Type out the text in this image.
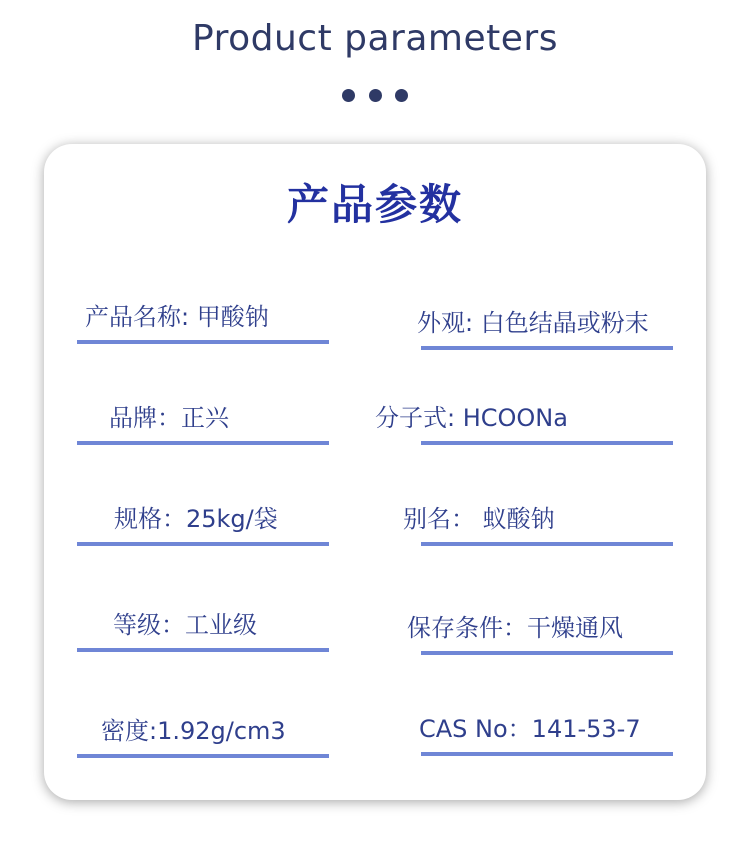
Product parameters
产品参数
产品名称: 甲酸钠	外观: 白色结晶或粉末
品牌：正兴	分子式: HCOONa
规格：25kg/袋	别名： 蚁酸钠
等级：工业级	保存条件：干燥通风
密度:1.92g/cm3	CAS No：141-53-7
